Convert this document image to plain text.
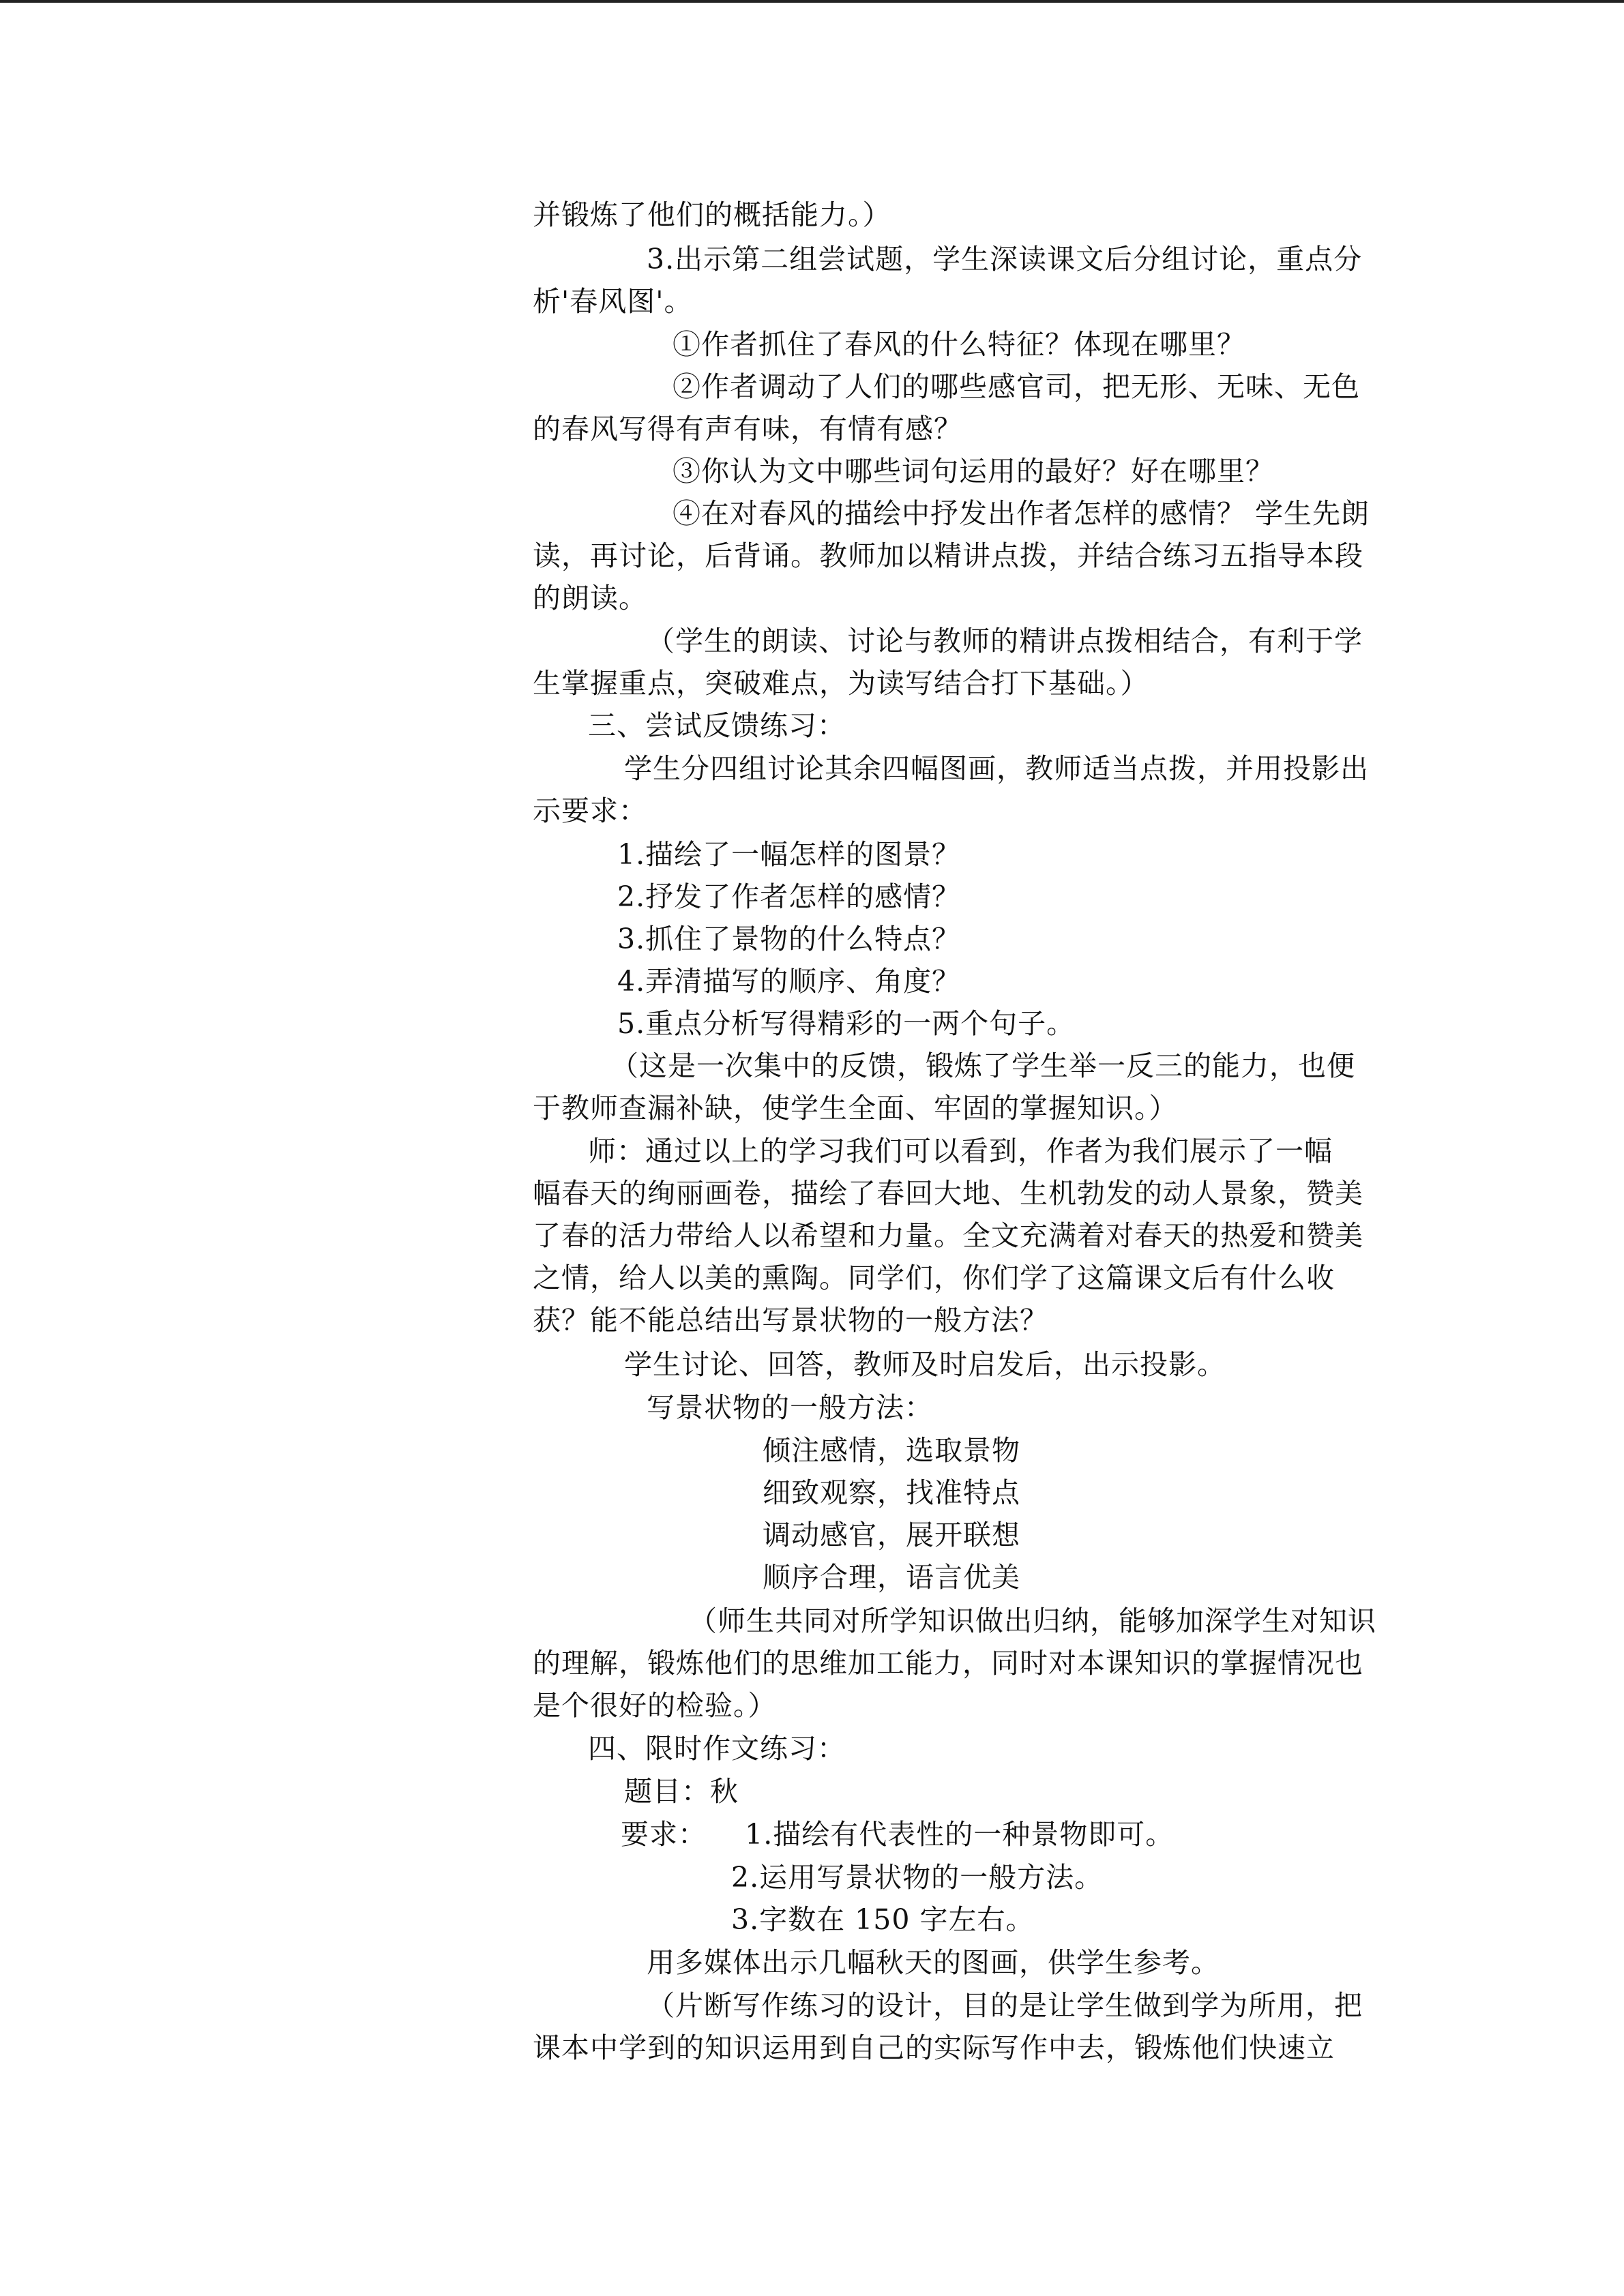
并锻炼了他们的概括能力。）
3.出示第二组尝试题，学生深读课文后分组讨论，重点分
析'春风图'。
①作者抓住了春风的什么特征？体现在哪里？
②作者调动了人们的哪些感官司，把无形、无味、无色
的春风写得有声有味，有情有感？
③你认为文中哪些词句运用的最好？好在哪里？
④在对春风的描绘中抒发出作者怎样的感情？ 学生先朗
读，再讨论，后背诵。教师加以精讲点拨，并结合练习五指导本段
的朗读。
（学生的朗读、讨论与教师的精讲点拨相结合，有利于学
生掌握重点，突破难点，为读写结合打下基础。）
三、尝试反馈练习：
学生分四组讨论其余四幅图画，教师适当点拨，并用投影出
示要求：
1.描绘了一幅怎样的图景？
2.抒发了作者怎样的感情？
3.抓住了景物的什么特点？
4.弄清描写的顺序、角度？
5.重点分析写得精彩的一两个句子。
（这是一次集中的反馈，锻炼了学生举一反三的能力，也便
于教师查漏补缺，使学生全面、牢固的掌握知识。）
师：通过以上的学习我们可以看到，作者为我们展示了一幅
幅春天的绚丽画卷，描绘了春回大地、生机勃发的动人景象，赞美
了春的活力带给人以希望和力量。全文充满着对春天的热爱和赞美
之情，给人以美的熏陶。同学们，你们学了这篇课文后有什么收
获？能不能总结出写景状物的一般方法？
学生讨论、回答，教师及时启发后，出示投影。
写景状物的一般方法：
倾注感情，选取景物
细致观察，找准特点
调动感官，展开联想
顺序合理，语言优美
（师生共同对所学知识做出归纳，能够加深学生对知识
的理解，锻炼他们的思维加工能力，同时对本课知识的掌握情况也
是个很好的检验。）
四、限时作文练习：
题目：秋
要求：    1.描绘有代表性的一种景物即可。
2.运用写景状物的一般方法。
3.字数在 150 字左右。
用多媒体出示几幅秋天的图画，供学生参考。
（片断写作练习的设计，目的是让学生做到学为所用，把
课本中学到的知识运用到自己的实际写作中去，锻炼他们快速立
